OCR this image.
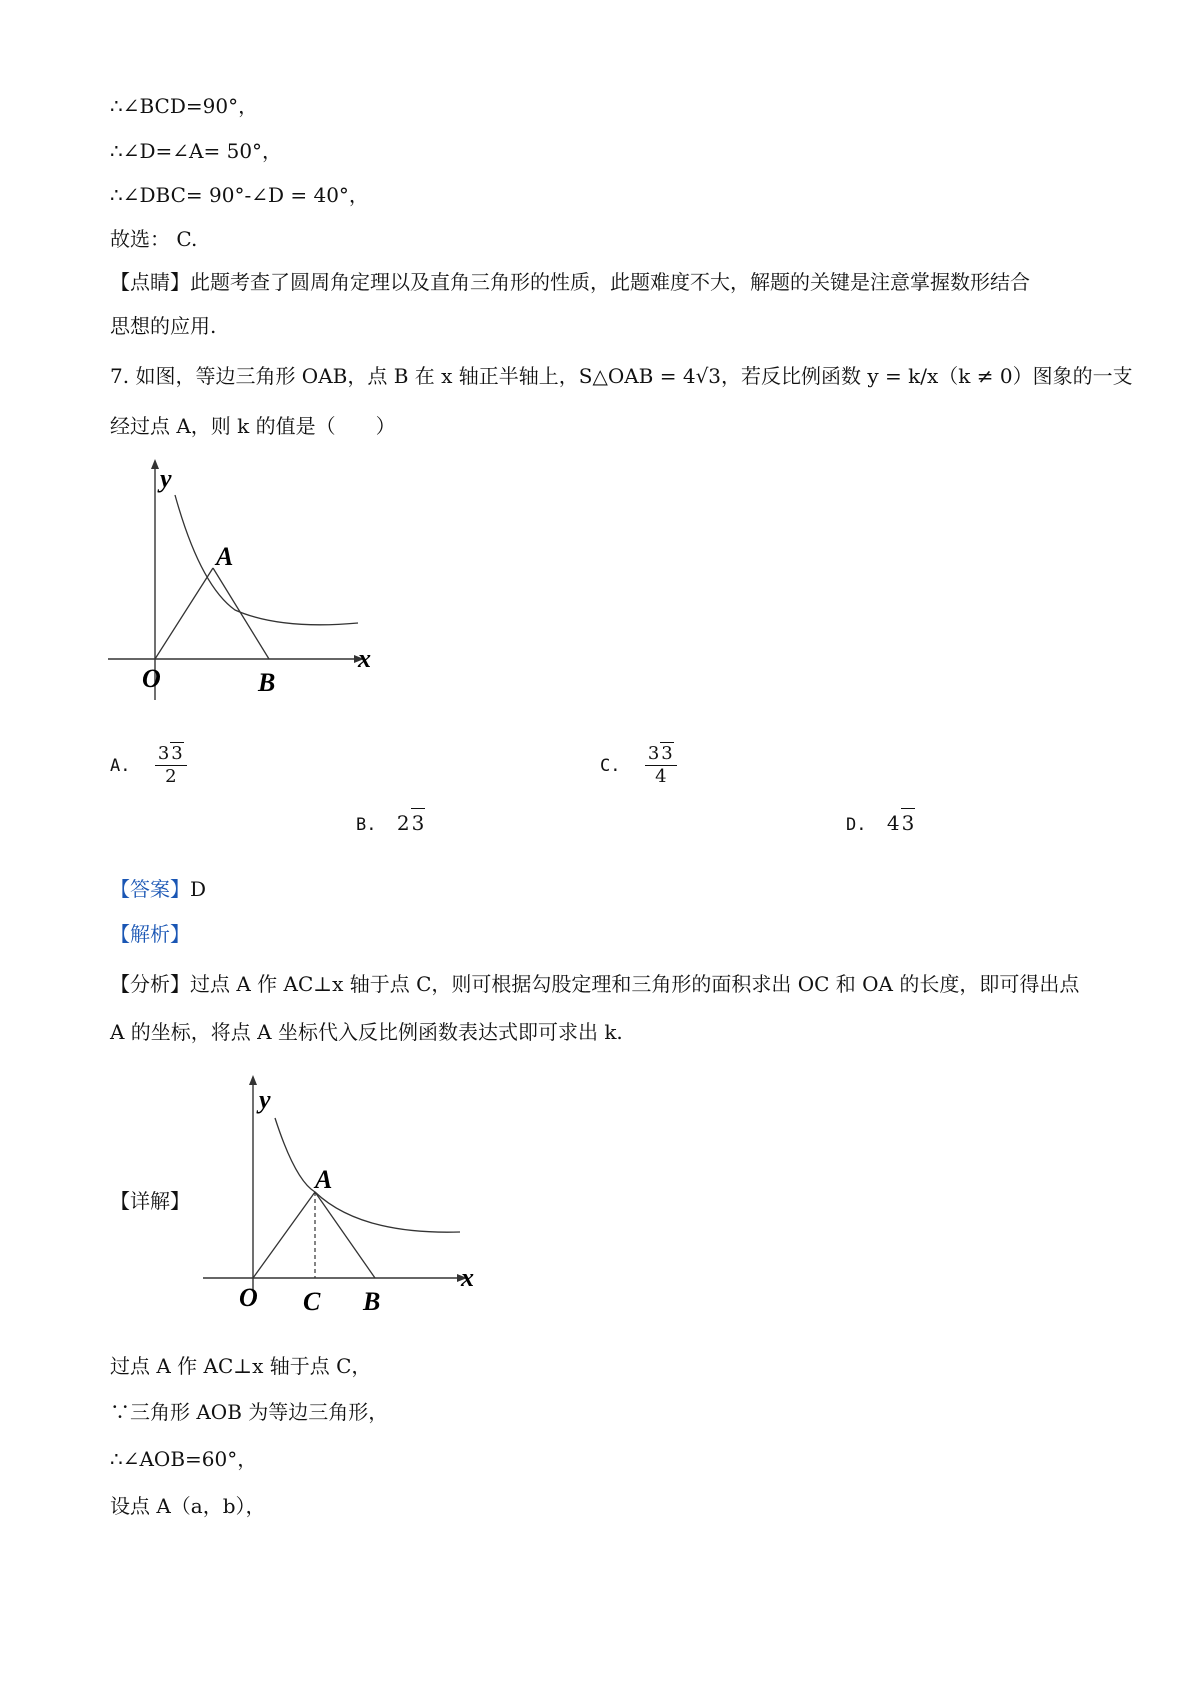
∴∠BCD=90°，
∴∠D=∠A= 50°，
∴∠DBC= 90°-∠D = 40°，
故选： C.
【点睛】此题考查了圆周角定理以及直角三角形的性质，此题难度不大，解题的关键是注意掌握数形结合
思想的应用.
7. 如图，等边三角形 OAB，点 B 在 x 轴正半轴上，S△OAB = 4√3，若反比例函数 y = k/x（k ≠ 0）图象的一支
经过点 A，则 k 的值是（　　）
y
A
x
O	B
A. $\frac{3 3}{2}$
B. 2 3
C. $\frac{3 3}{4}$
D. 4 3
【答案】D
【解析】
【分析】过点 A 作 AC⊥x 轴于点 C，则可根据勾股定理和三角形的面积求出 OC 和 OA 的长度，即可得出点
A 的坐标，将点 A 坐标代入反比例函数表达式即可求出 k.
【详解】
y
A
x
O C B
过点 A 作 AC⊥x 轴于点 C，
∵三角形 AOB 为等边三角形，
∴∠AOB=60°，
设点 A（a，b），
